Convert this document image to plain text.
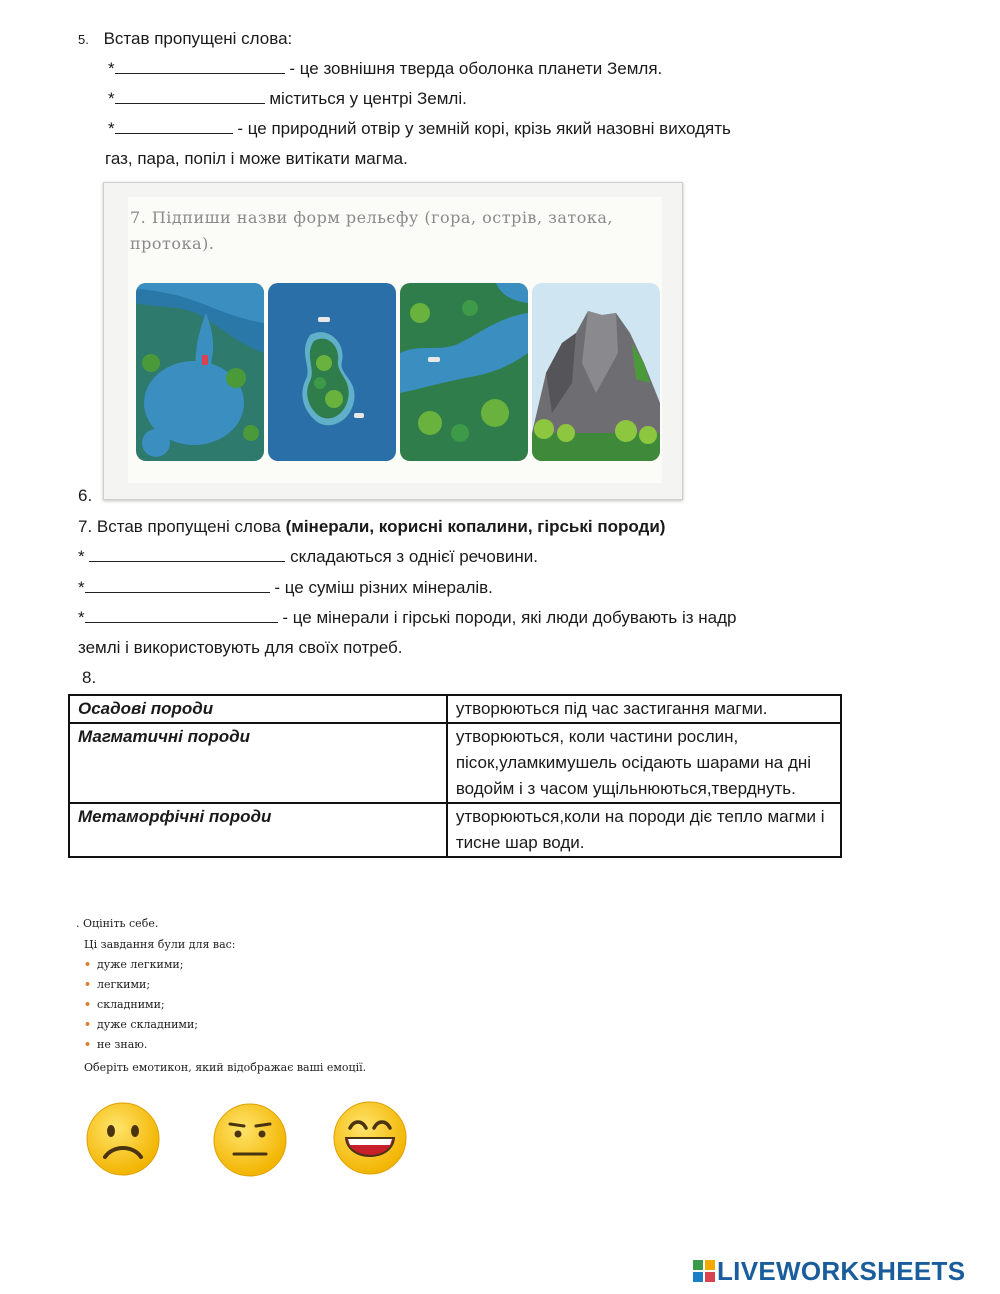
5. Встав пропущені слова:
*	- це зовнішня тверда оболонка планети Земля.
*	міститься у центрі Землі.
*	- це природний отвір у земній корі, крізь який назовні виходять
газ, пара, попіл і може витікати магма.
7. Підпиши назви форм рельєфу (гора, острів, затока, протока).
6.
7. Встав пропущені слова (мінерали, корисні копалини, гірські породи)
*	складаються з однієї речовини.
*	- це суміш різних мінералів.
*	- це мінерали і гірські породи, які люди добувають із надр
землі і використовують для своїх потреб.
8.
Осадові породи	утворюються під час застигання магми.
Магматичні породи	утворюються, коли частини рослин, пісок,уламкимушель осідають шарами на дні водойм і з часом ущільнюються,тверднуть.
Метаморфічні породи	утворюються,коли на породи діє тепло магми і тисне шар води.
. Оцініть себе.
Ці завдання були для вас:
• дуже легкими;
• легкими;
• складними;
• дуже складними;
• не знаю.
Оберіть емотикон, який відображає ваші емоції.
LIVEWORKSHEETS
